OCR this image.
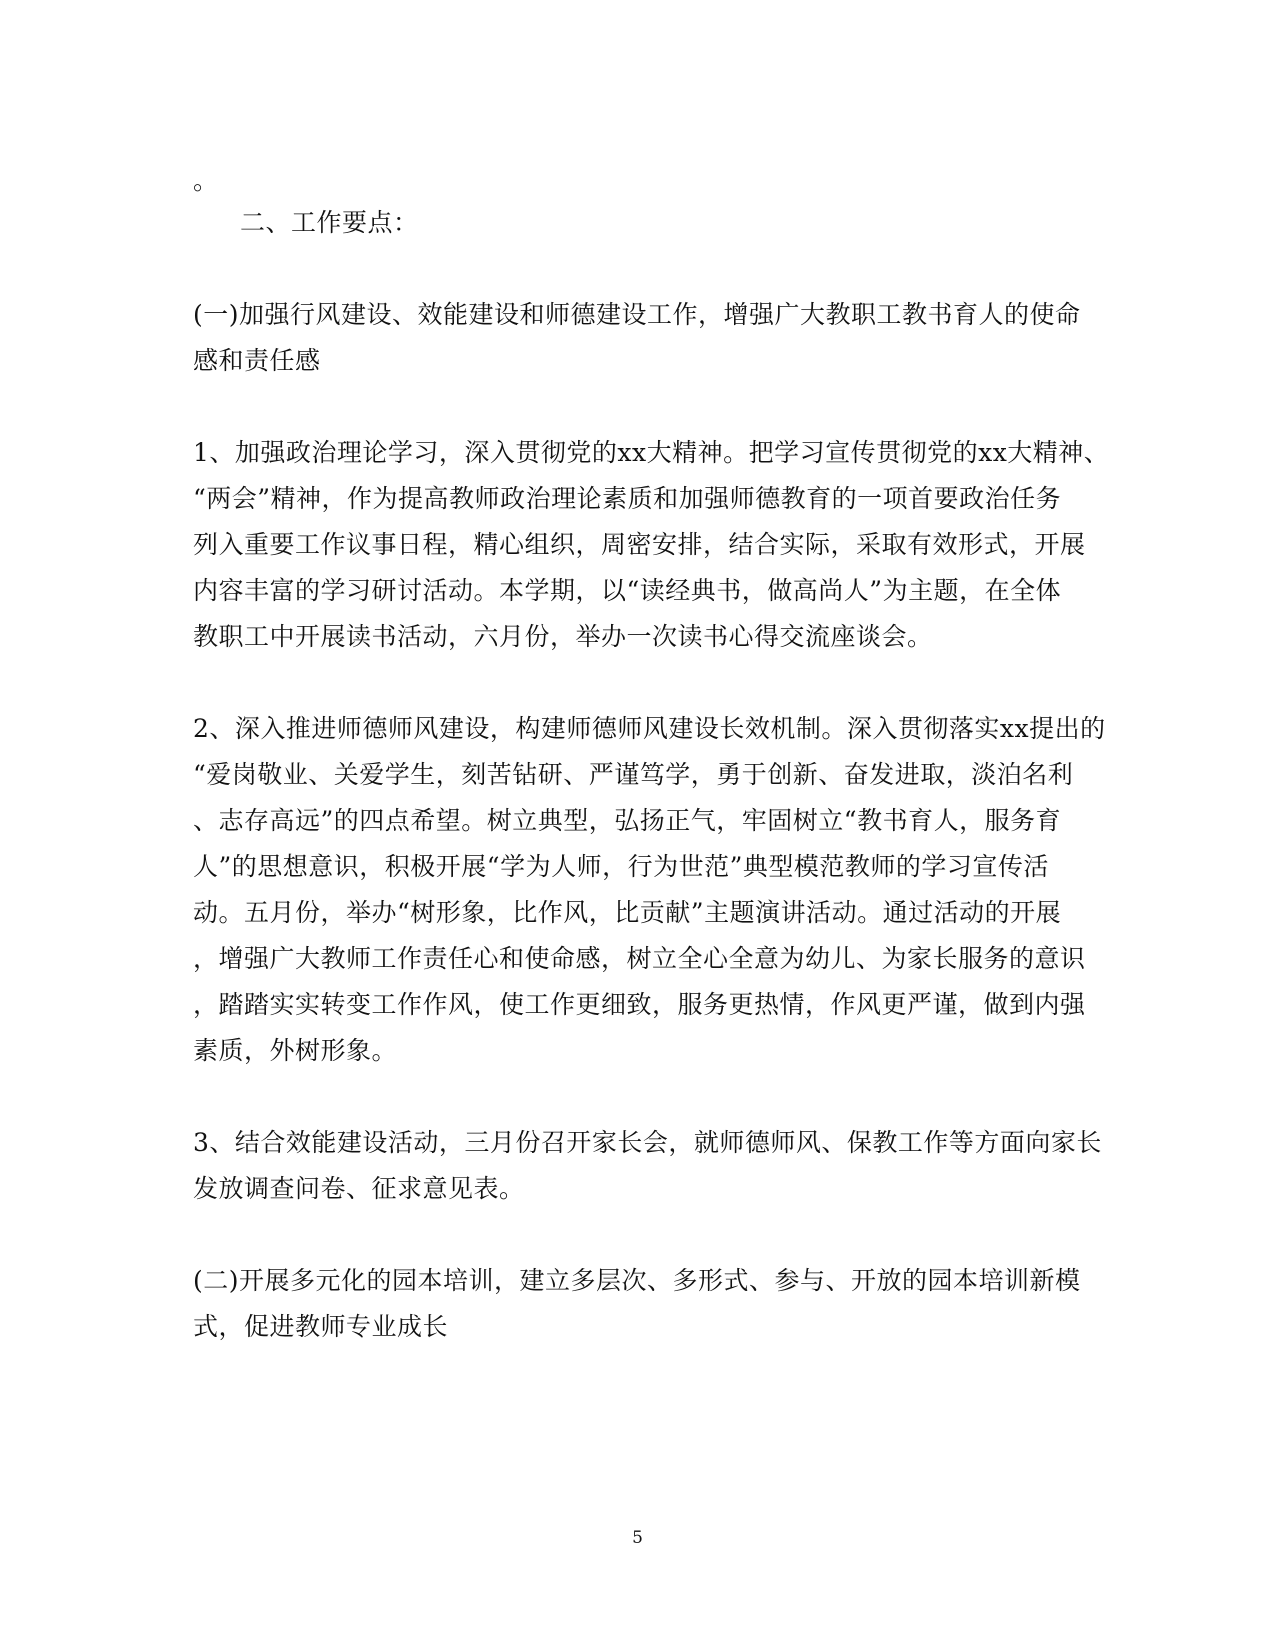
。
二、工作要点：
(一)加强行风建设、效能建设和师德建设工作，增强广大教职工教书育人的使命
感和责任感
1、加强政治理论学习，深入贯彻党的xx大精神。把学习宣传贯彻党的xx大精神、
“两会”精神，作为提高教师政治理论素质和加强师德教育的一项首要政治任务
列入重要工作议事日程，精心组织，周密安排，结合实际，采取有效形式，开展
内容丰富的学习研讨活动。本学期，以“读经典书，做高尚人”为主题，在全体
教职工中开展读书活动，六月份，举办一次读书心得交流座谈会。
2、深入推进师德师风建设，构建师德师风建设长效机制。深入贯彻落实xx提出的
“爱岗敬业、关爱学生，刻苦钻研、严谨笃学，勇于创新、奋发进取，淡泊名利
、志存高远”的四点希望。树立典型，弘扬正气，牢固树立“教书育人，服务育
人”的思想意识，积极开展“学为人师，行为世范”典型模范教师的学习宣传活
动。五月份，举办“树形象，比作风，比贡献”主题演讲活动。通过活动的开展
，增强广大教师工作责任心和使命感，树立全心全意为幼儿、为家长服务的意识
，踏踏实实转变工作作风，使工作更细致，服务更热情，作风更严谨，做到内强
素质，外树形象。
3、结合效能建设活动，三月份召开家长会，就师德师风、保教工作等方面向家长
发放调查问卷、征求意见表。
(二)开展多元化的园本培训，建立多层次、多形式、参与、开放的园本培训新模
式，促进教师专业成长
5
